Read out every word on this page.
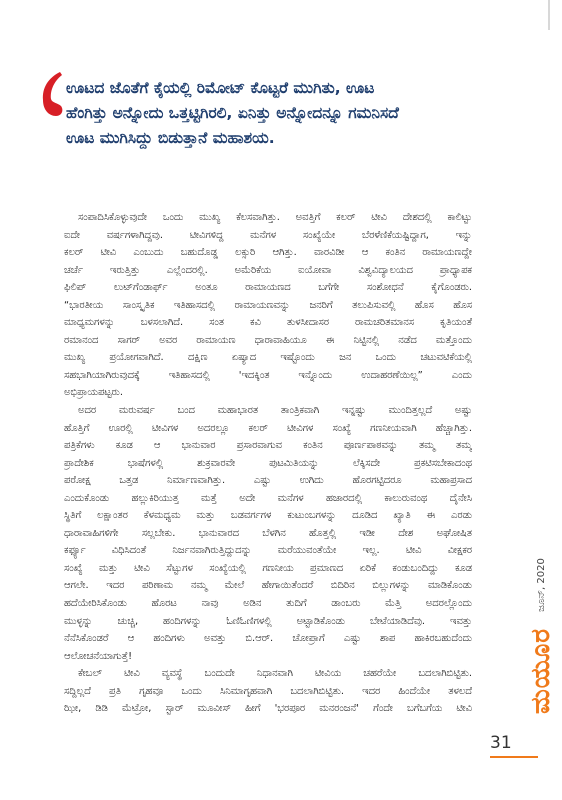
ಊಟದ ಜೊತೆಗೆ ಕೈಯಲ್ಲಿ ರಿಮೋಟ್ ಕೊಟ್ಟರೆ ಮುಗಿತು, ಊಟ
ಹೆಂಗಿತ್ತು ಅನ್ನೋದು ಒತ್ತಟ್ಟಿಗಿರಲಿ, ಏನಿತ್ತು ಅನ್ನೋದನ್ನೂ ಗಮನಿಸದೆ
ಊಟ ಮುಗಿಸಿದ್ದು ಬಿಡುತ್ತಾನೆ ಮಹಾಶಯ.
ಸಂಪಾದಿಸಿಕೊಳ್ಳುವುದೇ ಒಂದು ಮುಖ್ಯ ಕೆಲಸವಾಗಿತ್ತು. ಅವತ್ತಿಗೆ ಕಲರ್ ಟೀವಿ ದೇಶದಲ್ಲಿ ಕಾಲಿಟ್ಟು
ಐದೇ ವರ್ಷಗಳಾಗಿದ್ದವು. ಟೀವಿಗಳಿದ್ದ ಮನೆಗಳ ಸಂಖ್ಯೆಯೇ ಬೆರಳೆಣಿಕೆಯಷ್ಟಿದ್ದಾಗ, ಇನ್ನು
ಕಲರ್ ಟೀವಿ ಎಂಬುದು ಬಹುದೊಡ್ಡ ಲಕ್ಸುರಿ ಆಗಿತ್ತು. ವಾರವಿಡೀ ಆ ಕಂತಿನ ರಾಮಾಯಣದ್ದೇ
ಚರ್ಚೆ ಇರುತ್ತಿತ್ತು ಎಲ್ಲೆಂದರಲ್ಲಿ. ಅಮೆರಿಕೆಯ ಐಯೋವಾ ವಿಶ್ವವಿದ್ಯಾಲಯದ ಪ್ರಾಧ್ಯಾಪಕ
ಫಿಲಿಪ್ ಲುಟ್‌ಗೆಂಡಾರ್ಫ್ ಅಂತೂ ರಾಮಾಯಣದ ಬಗೆಗೇ ಸಂಶೋಧನೆ ಕೈಗೊಂಡರು.
“ಭಾರತೀಯ ಸಾಂಸ್ಕೃತಿಕ ಇತಿಹಾಸದಲ್ಲಿ ರಾಮಾಯಣವನ್ನು ಜನರಿಗೆ ತಲುಪಿಸುವಲ್ಲಿ ಹೊಸ ಹೊಸ
ಮಾಧ್ಯಮಗಳನ್ನು ಬಳಸಲಾಗಿದೆ. ಸಂತ ಕವಿ ತುಳಸೀದಾಸರ ರಾಮಚರಿತಮಾನಸ ಕೃತಿಯಂತೆ
ರಮಾನಂದ ಸಾಗರ್ ಅವರ ರಾಮಾಯಣ ಧಾರಾವಾಹಿಯೂ ಈ ನಿಟ್ಟಿನಲ್ಲಿ ನಡೆದ ಮತ್ತೊಂದು
ಮುಖ್ಯ ಪ್ರಯೋಗವಾಗಿದೆ. ದಕ್ಷಿಣ ಏಷ್ಯಾದ ಇಷ್ಟೊಂದು ಜನ ಒಂದು ಚಟುವಟಿಕೆಯಲ್ಲಿ
ಸಹಭಾಗಿಯಾಗಿರುವುದಕ್ಕೆ ಇತಿಹಾಸದಲ್ಲಿ 'ಇದಕ್ಕಿಂತ ಇನ್ನೊಂದು ಉದಾಹರಣೆಯಿಲ್ಲ” ಎಂದು
ಅಭಿಪ್ರಾಯಪಟ್ಟರು.
ಅದರ ಮರುವರ್ಷ ಬಂದ ಮಹಾಭಾರತ ತಾಂತ್ರಿಕವಾಗಿ ಇನ್ನಷ್ಟು ಮುಂದಿತ್ತಲ್ಲದೆ ಅಷ್ಟು
ಹೊತ್ತಿಗೆ ಊರಲ್ಲಿ ಟೀವಿಗಳ ಅದರಲ್ಲೂ ಕಲರ್ ಟೀವಿಗಳ ಸಂಖ್ಯೆ ಗಣನೀಯವಾಗಿ ಹೆಚ್ಚಾಗಿತ್ತು.
ಪತ್ರಿಕೆಗಳು ಕೂಡ ಆ ಭಾನುವಾರ ಪ್ರಸಾರವಾಗುವ ಕಂತಿನ ಪೂರ್ಣಪಾಠವನ್ನು ತಮ್ಮ ತಮ್ಮ
ಪ್ರಾದೇಶಿಕ ಭಾಷೆಗಳಲ್ಲಿ ಶುಕ್ರವಾರವೇ ಪುಟಮಿತಿಯನ್ನು ಲೆಕ್ಕಿಸದೇ ಪ್ರಕಟಿಸಬೇಕಾದಂಥ
ಪರೋಕ್ಷ ಒತ್ತಡ ನಿರ್ಮಾಣವಾಗಿತ್ತು. ಎಷ್ಟು ಉಗಿದು ಹೊರಗಟ್ಟಿದರೂ ಮಹಾಪ್ರಸಾದ
ಎಂದುಕೊಂಡು ಹಲ್ಲುಕಿರಿಯುತ್ತ ಮತ್ತೆ ಅದೇ ಮನೆಗಳ ಹಜಾರದಲ್ಲಿ ಕಾಲುರುವಂಥ ದೈನೇಸಿ
ಸ್ಥಿತಿಗೆ ಲಕ್ಷಾಂತರ ಕೆಳಮಧ್ಯಮ ಮತ್ತು ಬಡವರ್ಗಗಳ ಕುಟುಂಬಗಳನ್ನು ದೂಡಿದ ಖ್ಯಾತಿ ಈ ಎರಡು
ಧಾರಾವಾಹಿಗಳಿಗೇ ಸಲ್ಲಬೇಕು. ಭಾನುವಾರದ ಬೆಳಗಿನ ಹೊತ್ತಲ್ಲಿ ಇಡೀ ದೇಶ ಅಘೋಷಿತ
ಕರ್ಫ್ಯೂ ವಿಧಿಸಿದಂತೆ ನಿರ್ಜನವಾಗಿರುತ್ತಿದ್ದುದನ್ನು ಮರೆಯುವಂತೆಯೇ ಇಲ್ಲ. ಟೀವಿ ವೀಕ್ಷಕರ
ಸಂಖ್ಯೆ ಮತ್ತು ಟೀವಿ ಸೆಟ್ಟುಗಳ ಸಂಖ್ಯೆಯಲ್ಲಿ ಗಣನೀಯ ಪ್ರಮಾಣದ ಏರಿಕೆ ಕಂಡುಬಂದಿದ್ದು ಕೂಡ
ಆಗಲೇ. ಇದರ ಪರಿಣಾಮ ನಮ್ಮ ಮೇಲೆ ಹೇಗಾಯಿತೆಂದರೆ ಬಿದಿರಿನ ಬಿಲ್ಲುಗಳನ್ನು ಮಾಡಿಕೊಂಡು
ಹದೆಯೇರಿಸಿಕೊಂಡು ಹೊರಟ ನಾವು ಅಡಿನ ತುದಿಗೆ ಡಾಂಬರು ಮೆತ್ತಿ ಅದರಲ್ಲೊಂದು
ಮುಳ್ಳನ್ನು ಚುಚ್ಚಿ, ಹಂದಿಗಳನ್ನು ಓಣಿಓಣಿಗಳಲ್ಲಿ ಅಟ್ಟಾಡಿಕೊಂಡು ಬೇಟೆಯಾಡಿದೆವು. ಇವತ್ತು
ನೆನೆಸಿಕೊಂಡರೆ ಆ ಹಂದಿಗಳು ಅವತ್ತು ಬಿ.ಆರ್. ಚೋಪ್ರಾಗೆ ಎಷ್ಟು ಶಾಪ ಹಾಕಿರಬಹುದೆಂದು
ಆಲೋಚನೆಯಾಗುತ್ತೆ!
ಕೇಬಲ್ ಟೀವಿ ವ್ಯವಸ್ಥೆ ಬಂದುದೇ ನಿಧಾನವಾಗಿ ಟೀವಿಯ ಚಹರೆಯೇ ಬದಲಾಗಿಬಿಟ್ಟಿತು.
ಸದ್ದಿಲ್ಲದೆ ಪ್ರತಿ ಗೃಹವೂ ಒಂದು ಸಿನಿಮಾಗೃಹವಾಗಿ ಬದಲಾಗಿಬಿಟ್ಟಿತು. ಇದರ ಹಿಂದೆಯೇ ತಳಲದೆ
ಝೀ, ಡಿಡಿ ಮೆಟ್ರೋ, ಸ್ಟಾರ್ ಮೂವೀಸ್ ಹೀಗೆ 'ಭರಪೂರ ಮನರಂಜನೆ' ಗೆಂದೇ ಬಗೆಬಗೆಯ ಟೀವಿ
ಜೂನ್, 2020
ಮಯೂರ
31
